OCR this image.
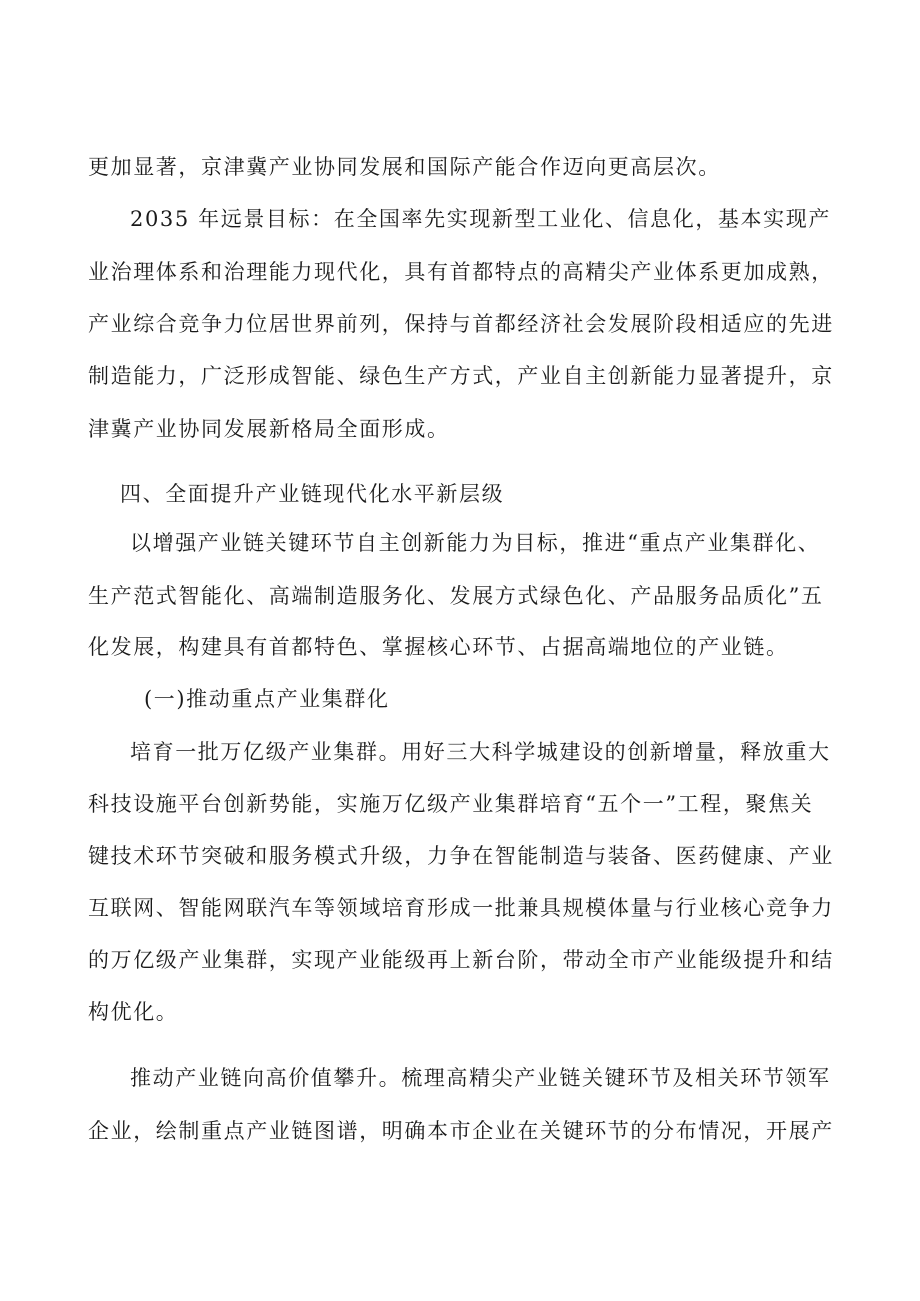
更加显著，京津冀产业协同发展和国际产能合作迈向更高层次。
2035 年远景目标：在全国率先实现新型工业化、信息化，基本实现产
业治理体系和治理能力现代化，具有首都特点的高精尖产业体系更加成熟，
产业综合竞争力位居世界前列，保持与首都经济社会发展阶段相适应的先进
制造能力，广泛形成智能、绿色生产方式，产业自主创新能力显著提升，京
津冀产业协同发展新格局全面形成。
四、全面提升产业链现代化水平新层级
以增强产业链关键环节自主创新能力为目标，推进“重点产业集群化、
生产范式智能化、高端制造服务化、发展方式绿色化、产品服务品质化”五
化发展，构建具有首都特色、掌握核心环节、占据高端地位的产业链。
(一)推动重点产业集群化
培育一批万亿级产业集群。用好三大科学城建设的创新增量，释放重大
科技设施平台创新势能，实施万亿级产业集群培育“五个一”工程，聚焦关
键技术环节突破和服务模式升级，力争在智能制造与装备、医药健康、产业
互联网、智能网联汽车等领域培育形成一批兼具规模体量与行业核心竞争力
的万亿级产业集群，实现产业能级再上新台阶，带动全市产业能级提升和结
构优化。
推动产业链向高价值攀升。梳理高精尖产业链关键环节及相关环节领军
企业，绘制重点产业链图谱，明确本市企业在关键环节的分布情况，开展产
